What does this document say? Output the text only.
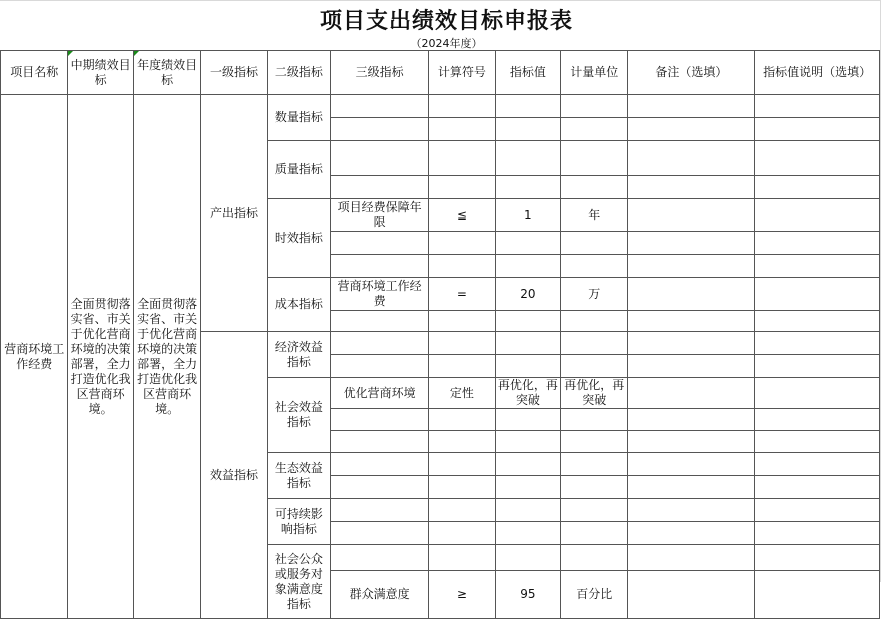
项目支出绩效目标申报表
（2024年度）
项目名称	中期绩效目标	年度绩效目标	一级指标	二级指标	三级指标	计算符号	指标值	计量单位	备注（选填）	指标值说明（选填）
营商环境工作经费	全面贯彻落实省、市关于优化营商环境的决策部署，全力打造优化我区营商环境。	全面贯彻落实省、市关于优化营商环境的决策部署，全力打造优化我区营商环境。	产出指标	数量指标						

				质量指标						

				时效指标	项目经费保障年限	≦	1	年		

				成本指标	营商环境工作经费	=	20	万		

			效益指标	经济效益指标						

				社会效益指标	优化营商环境	定性	再优化，再突破	再优化，再突破		

				生态效益指标						

				可持续影响指标						

				社会公众或服务对象满意度指标						
					群众满意度	≥	95	百分比		
